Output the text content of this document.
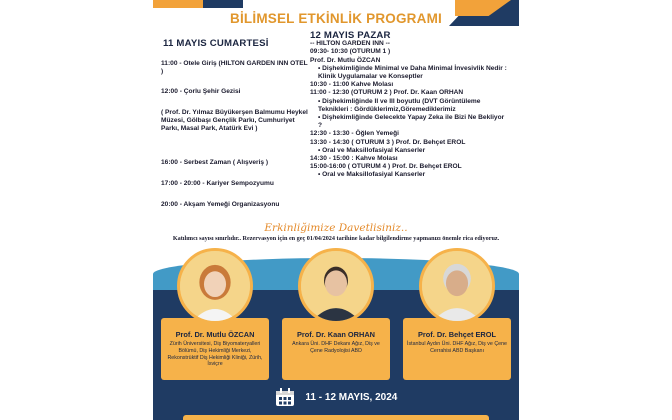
BİLİMSEL ETKİNLİK PROGRAMI
11 MAYIS CUMARTESİ
11:00 - Otele Giriş (HILTON GARDEN INN OTEL )
12:00 - Çorlu Şehir Gezisi
( Prof. Dr. Yılmaz Büyükerşen Balmumu Heykel Müzesi, Gölbaşı Gençlik Parkı, Cumhuriyet Parkı, Masal Park, Atatürk Evi )
16:00 - Serbest Zaman ( Alışveriş )
17:00 - 20:00 - Kariyer Sempozyumu
20:00 - Akşam Yemeği Organizasyonu
12 MAYIS PAZAR
-- HILTON GARDEN INN --
09:30- 10:30 (OTURUM 1 )
Prof. Dr. Mutlu ÖZCAN
• Dişhekimliğinde Minimal ve Daha Minimal İnvesivlik Nedir : Klinik Uygulamalar ve Konseptler
10:30 - 11:00 Kahve Molası
11:00 - 12:30 (OTURUM 2 ) Prof. Dr. Kaan ORHAN
• Dişhekimliğinde II ve III boyutlu (DVT Görüntüleme Teknikleri : Gördüklerimiz,Göremediklerimiz
• Dişhekimliğinde Gelecekte Yapay Zeka ile Bizi Ne Bekliyor ?
12:30 - 13:30 - Öğlen Yemeği
13:30 - 14:30 ( OTURUM 3 ) Prof. Dr. Behçet EROL
• Oral ve Maksillofasiyal Kanserler
14:30 - 15:00 : Kahve Molası
15:00-16:00 ( OTURUM 4 ) Prof. Dr. Behçet EROL
• Oral ve Maksillofasiyal Kanserler
Erkinliğimize Davetlisiniz..
Katılımcı sayısı sınırlıdır.. Rezervasyon için en geç 01/04/2024 tarihine kadar bilgilendirme yapmanızı önemle rica ediyoruz.
Prof. Dr. Mutlu ÖZCAN
Zürih Üniversitesi, Diş Biyomateryalleri Bölümü, Diş Hekimliği Merkezi, Rekonstrüktif Diş Hekimliği Kliniği, Zürih, İsviçre
Prof. Dr. Kaan ORHAN
Ankara Üni. DHF Dekanı Ağız, Diş ve Çene Radyolojisi ABD
Prof. Dr. Behçet EROL
İstanbul Aydın Üni. DHF Ağız, Diş ve Çene Cerrahisi ABD Başkanı
11 - 12 MAYIS, 2024
